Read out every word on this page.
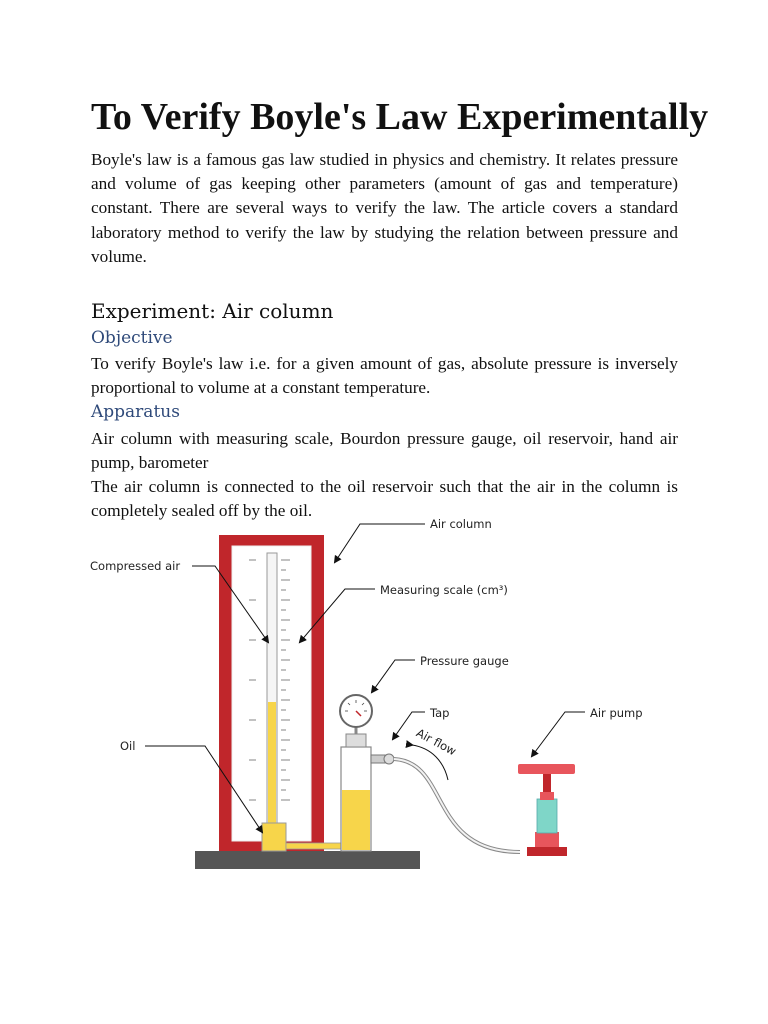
To Verify Boyle's Law Experimentally

Boyle's law is a famous gas law studied in physics and chemistry. It relates pressure and volume of gas keeping other parameters (amount of gas and temperature) constant. There are several ways to verify the law. The article covers a standard laboratory method to verify the law by studying the relation between pressure and volume.

Experiment: Air column
Objective

To verify Boyle's law i.e. for a given amount of gas, absolute pressure is inversely proportional to volume at a constant temperature.

Apparatus

Air column with measuring scale, Bourdon pressure gauge, oil reservoir, hand air pump, barometer

The air column is connected to the oil reservoir such that the air in the column is completely sealed off by the oil.

Air column
Compressed air
Measuring scale (cm³)
Pressure gauge
Tap	Air pump
Oil	Air flow
